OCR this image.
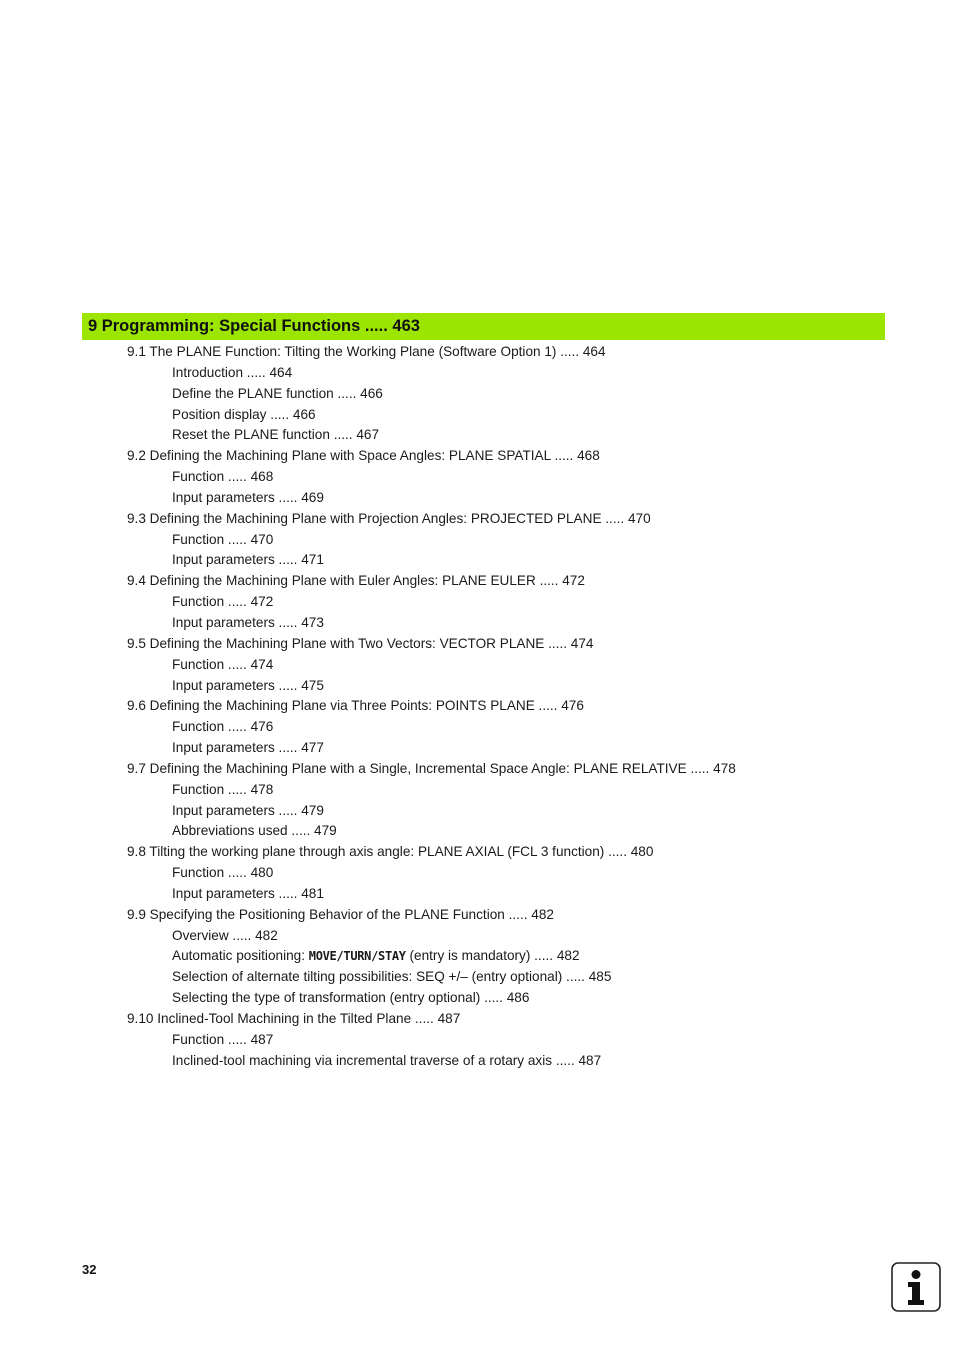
9 Programming: Special Functions ..... 463
9.1 The PLANE Function: Tilting the Working Plane (Software Option 1) ..... 464
Introduction ..... 464
Define the PLANE function ..... 466
Position display ..... 466
Reset the PLANE function ..... 467
9.2 Defining the Machining Plane with Space Angles: PLANE SPATIAL ..... 468
Function ..... 468
Input parameters ..... 469
9.3 Defining the Machining Plane with Projection Angles: PROJECTED PLANE ..... 470
Function ..... 470
Input parameters ..... 471
9.4 Defining the Machining Plane with Euler Angles: PLANE EULER ..... 472
Function ..... 472
Input parameters ..... 473
9.5 Defining the Machining Plane with Two Vectors: VECTOR PLANE ..... 474
Function ..... 474
Input parameters ..... 475
9.6 Defining the Machining Plane via Three Points: POINTS PLANE ..... 476
Function ..... 476
Input parameters ..... 477
9.7 Defining the Machining Plane with a Single, Incremental Space Angle: PLANE RELATIVE ..... 478
Function ..... 478
Input parameters ..... 479
Abbreviations used ..... 479
9.8 Tilting the working plane through axis angle: PLANE AXIAL (FCL 3 function) ..... 480
Function ..... 480
Input parameters ..... 481
9.9 Specifying the Positioning Behavior of the PLANE Function ..... 482
Overview ..... 482
Automatic positioning: MOVE/TURN/STAY (entry is mandatory) ..... 482
Selection of alternate tilting possibilities: SEQ +/– (entry optional) ..... 485
Selecting the type of transformation (entry optional) ..... 486
9.10 Inclined-Tool Machining in the Tilted Plane ..... 487
Function ..... 487
Inclined-tool machining via incremental traverse of a rotary axis ..... 487
32
